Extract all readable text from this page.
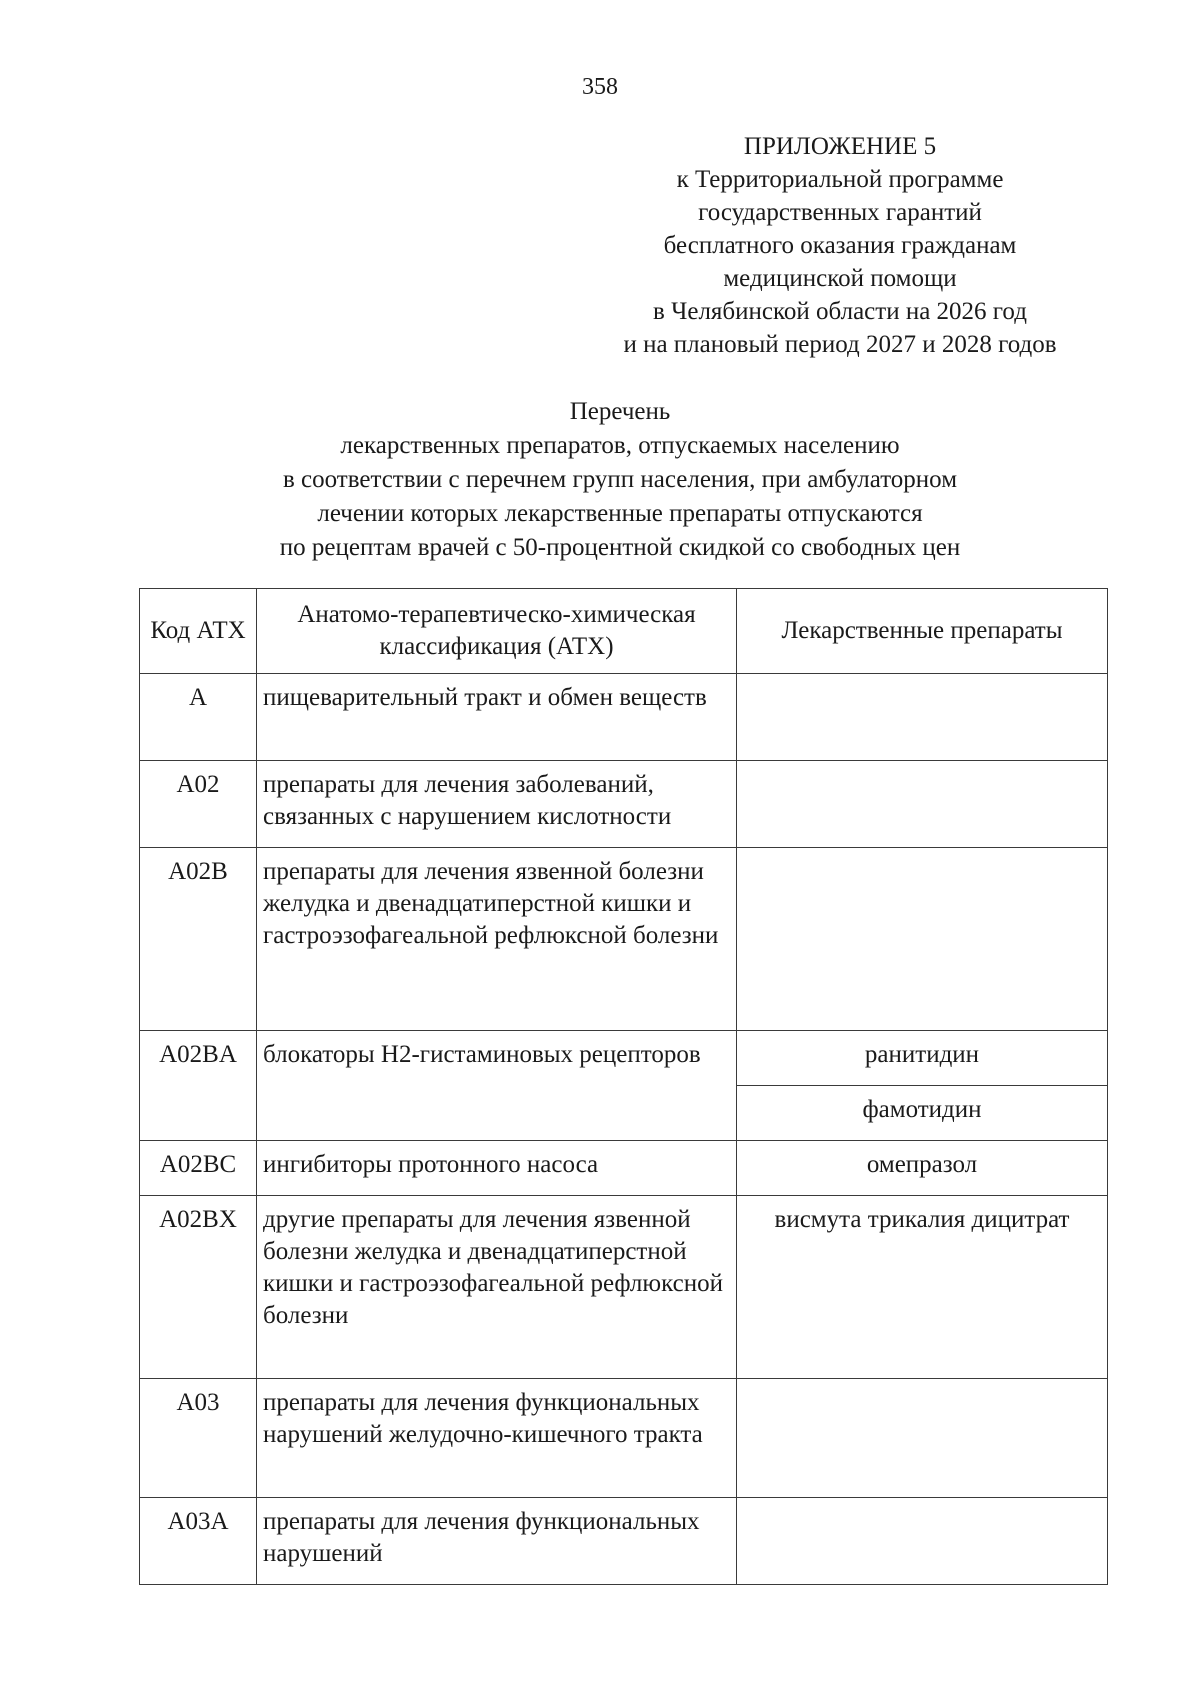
358
ПРИЛОЖЕНИЕ 5
к Территориальной программе
государственных гарантий
бесплатного оказания гражданам
медицинской помощи
в Челябинской области на 2026 год
и на плановый период 2027 и 2028 годов
Перечень
лекарственных препаратов, отпускаемых населению
в соответствии с перечнем групп населения, при амбулаторном
лечении которых лекарственные препараты отпускаются
по рецептам врачей с 50-процентной скидкой со свободных цен
Код АТХ	Анатомо-терапевтическо-химическая классификация (АТХ)	Лекарственные препараты
A	пищеварительный тракт и обмен веществ	
A02	препараты для лечения заболеваний, связанных с нарушением кислотности	
A02B	препараты для лечения язвенной болезни желудка и двенадцатиперстной кишки и гастроэзофагеальной рефлюксной болезни	
A02BA	блокаторы H2-гистаминовых рецепторов	ранитидин
		фамотидин
A02BC	ингибиторы протонного насоса	омепразол
A02BX	другие препараты для лечения язвенной болезни желудка и двенадцатиперстной кишки и гастроэзофагеальной рефлюксной болезни	висмута трикалия дицитрат
A03	препараты для лечения функциональных нарушений желудочно-кишечного тракта	
A03A	препараты для лечения функциональных нарушений	
